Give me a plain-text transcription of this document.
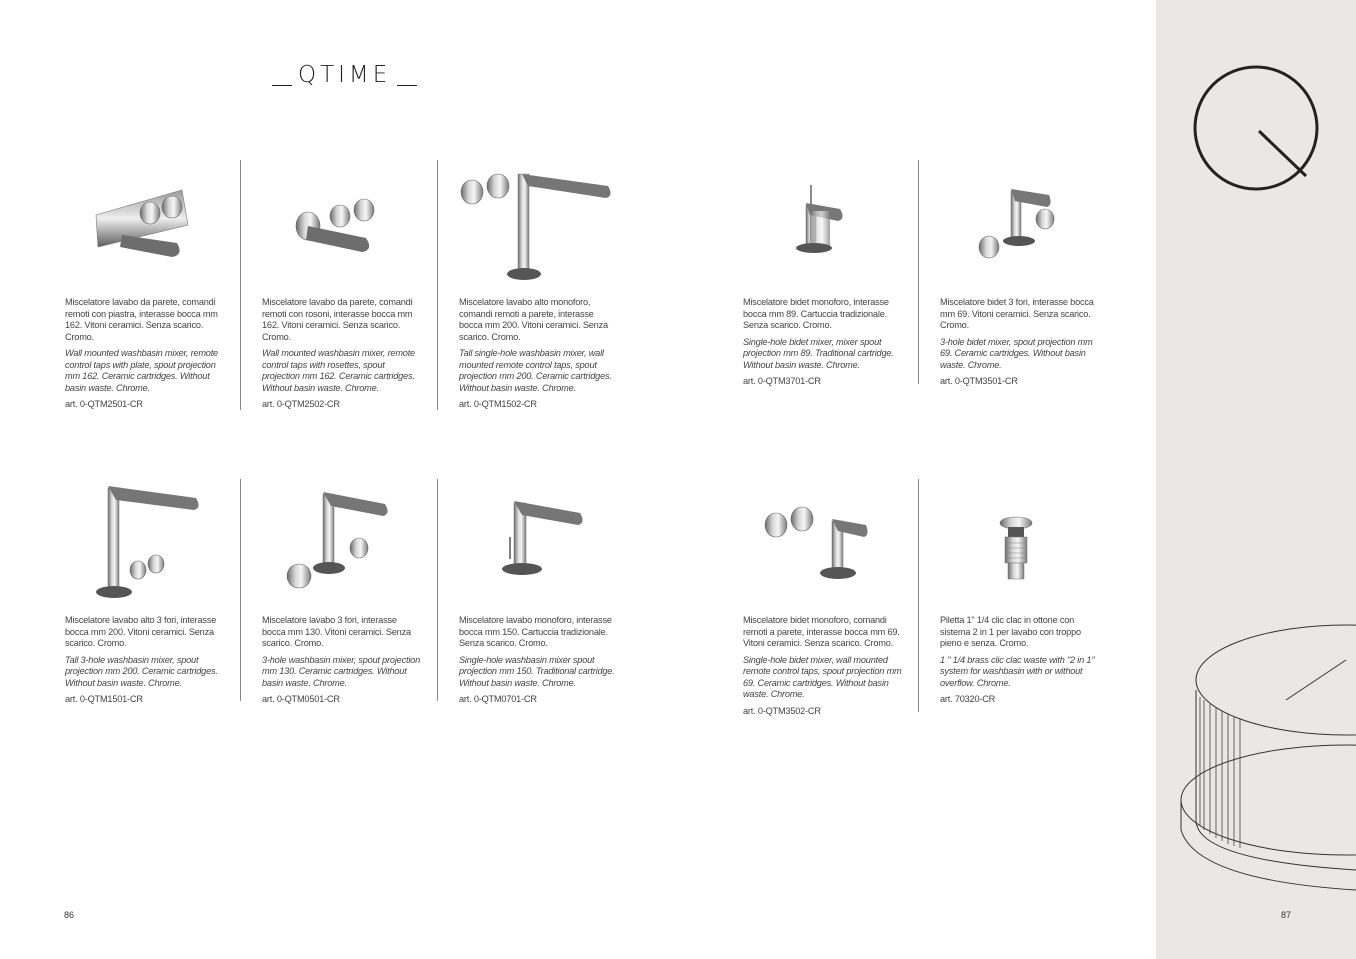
QTIME

Miscelatore lavabo da parete, comandi remoti con piastra, interasse bocca mm 162. Vitoni ceramici. Senza scarico. Cromo.

Wall mounted washbasin mixer, remote control taps with plate, spout projection mm 162. Ceramic cartridges. Without basin waste. Chrome.

art. 0-QTM2501-CR

Miscelatore lavabo da parete, comandi remoti con rosoni, interasse bocca mm 162. Vitoni ceramici. Senza scarico. Cromo.

Wall mounted washbasin mixer, remote control taps with rosettes, spout projection mm 162. Ceramic cartridges. Without basin waste. Chrome.

art. 0-QTM2502-CR

Miscelatore lavabo alto monoforo, comandi remoti a parete, interasse bocca mm 200. Vitoni ceramici. Senza scarico. Cromo.

Tall single-hole washbasin mixer, wall mounted remote control taps, spout projection mm 200. Ceramic cartridges. Without basin waste. Chrome.

art. 0-QTM1502-CR

Miscelatore bidet monoforo, interasse bocca mm 89. Cartuccia tradizionale. Senza scarico. Cromo.

Single-hole bidet mixer, mixer spout projection mm 89. Traditional cartridge. Without basin waste. Chrome.

art. 0-QTM3701-CR

Miscelatore bidet 3 fori, interasse bocca mm 69. Vitoni ceramici. Senza scarico. Cromo.

3-hole bidet mixer, spout projection mm 69. Ceramic cartridges. Without basin waste. Chrome.

art. 0-QTM3501-CR

Miscelatore lavabo alto 3 fori, interasse bocca mm 200. Vitoni ceramici. Senza scarico. Cromo.

Tall 3-hole washbasin mixer, spout projection mm 200. Ceramic cartridges. Without basin waste. Chrome.

art. 0-QTM1501-CR

Miscelatore lavabo 3 fori, interasse bocca mm 130. Vitoni ceramici. Senza scarico. Cromo.

3-hole washbasin mixer, spout projection mm 130. Ceramic cartridges. Without basin waste. Chrome.

art. 0-QTM0501-CR

Miscelatore lavabo monoforo, interasse bocca mm 150. Cartuccia tradizionale. Senza scarico. Cromo.

Single-hole washbasin mixer spout projection mm 150. Traditional cartridge. Without basin waste. Chrome.

art. 0-QTM0701-CR

Miscelatore bidet monoforo, comandi remoti a parete, interasse bocca mm 69. Vitoni ceramici. Senza scarico. Cromo.

Single-hole bidet mixer, wall mounted remote control taps, spout projection mm 69. Ceramic cartridges. Without basin waste. Chrome.

art. 0-QTM3502-CR

Piletta 1" 1/4 clic clac in ottone con sistema 2 in 1 per lavabo con troppo pieno e senza. Cromo.

1 " 1/4 brass clic clac waste with "2 in 1" system for washbasin with or without overflow. Chrome.

art. 70320-CR

86	87
